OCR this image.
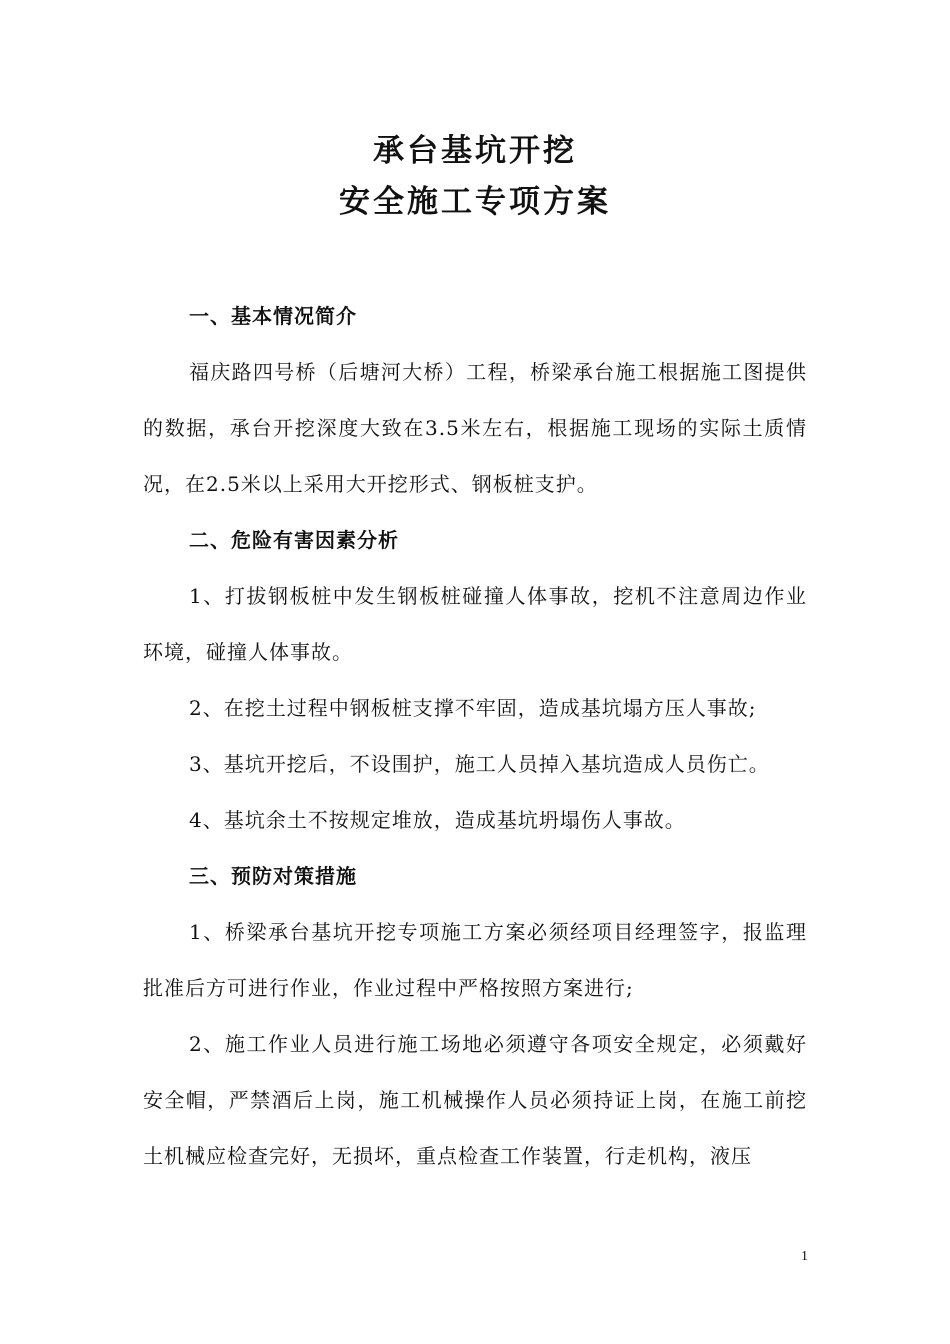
承台基坑开挖
安全施工专项方案
一、基本情况简介
福庆路四号桥（后塘河大桥）工程，桥梁承台施工根据施工图提供的数据，承台开挖深度大致在3.5米左右，根据施工现场的实际土质情况，在2.5米以上采用大开挖形式、钢板桩支护。
二、危险有害因素分析
1、打拔钢板桩中发生钢板桩碰撞人体事故，挖机不注意周边作业环境，碰撞人体事故。
2、在挖土过程中钢板桩支撑不牢固，造成基坑塌方压人事故;
3、基坑开挖后，不设围护，施工人员掉入基坑造成人员伤亡。
4、基坑余土不按规定堆放，造成基坑坍塌伤人事故。
三、预防对策措施
1、桥梁承台基坑开挖专项施工方案必须经项目经理签字，报监理批准后方可进行作业，作业过程中严格按照方案进行;
2、施工作业人员进行施工场地必须遵守各项安全规定，必须戴好安全帽，严禁酒后上岗，施工机械操作人员必须持证上岗，在施工前挖土机械应检查完好，无损坏，重点检查工作装置，行走机构，液压
1
